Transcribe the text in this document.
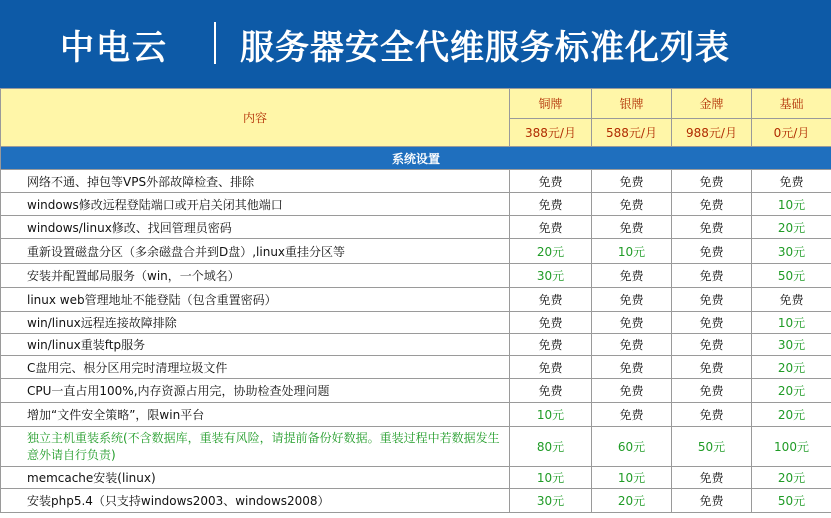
中电云 服务器安全代维服务标准化列表
内容	铜牌	银牌	金牌	基础
	388元/月	588元/月	988元/月	0元/月
系统设置				
网络不通、掉包等VPS外部故障检查、排除	免费	免费	免费	免费
windows修改远程登陆端口或开启关闭其他端口	免费	免费	免费	10元
windows/linux修改、找回管理员密码	免费	免费	免费	20元
重新设置磁盘分区（多余磁盘合并到D盘）,linux重挂分区等	20元	10元	免费	30元
安装并配置邮局服务（win，一个域名）	30元	免费	免费	50元
linux web管理地址不能登陆（包含重置密码）	免费	免费	免费	免费
win/linux远程连接故障排除	免费	免费	免费	10元
win/linux重装ftp服务	免费	免费	免费	30元
C盘用完、根分区用完时清理垃圾文件	免费	免费	免费	20元
CPU一直占用100%,内存资源占用完，协助检查处理问题	免费	免费	免费	20元
增加“文件安全策略”，限win平台	10元	免费	免费	20元
独立主机重装系统(不含数据库，重装有风险，请提前备份好数据。重装过程中若数据发生意外请自行负责)	80元	60元	50元	100元
memcache安装(linux)	10元	10元	免费	20元
安装php5.4（只支持windows2003、windows2008）	30元	20元	免费	50元
